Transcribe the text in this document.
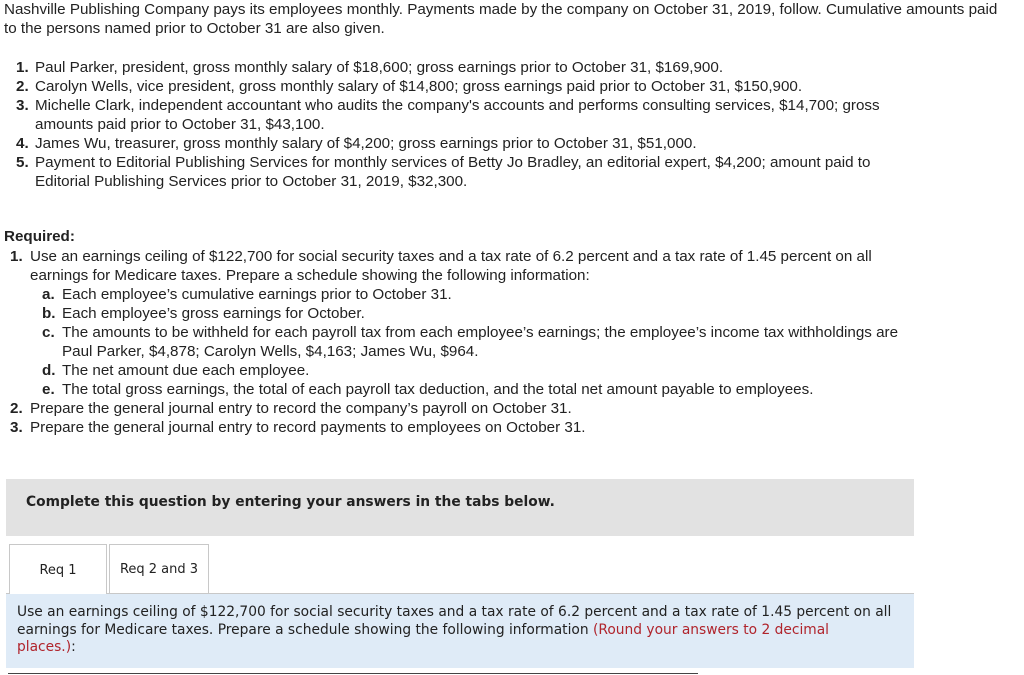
Nashville Publishing Company pays its employees monthly. Payments made by the company on October 31, 2019, follow. Cumulative amounts paid to the persons named prior to October 31 are also given.
1. Paul Parker, president, gross monthly salary of $18,600; gross earnings prior to October 31, $169,900.
2. Carolyn Wells, vice president, gross monthly salary of $14,800; gross earnings paid prior to October 31, $150,900.
3. Michelle Clark, independent accountant who audits the company's accounts and performs consulting services, $14,700; gross
amounts paid prior to October 31, $43,100.
4. James Wu, treasurer, gross monthly salary of $4,200; gross earnings prior to October 31, $51,000.
5. Payment to Editorial Publishing Services for monthly services of Betty Jo Bradley, an editorial expert, $4,200; amount paid to
Editorial Publishing Services prior to October 31, 2019, $32,300.
Required:
1. Use an earnings ceiling of $122,700 for social security taxes and a tax rate of 6.2 percent and a tax rate of 1.45 percent on all
earnings for Medicare taxes. Prepare a schedule showing the following information:
a. Each employee’s cumulative earnings prior to October 31.
b. Each employee’s gross earnings for October.
c. The amounts to be withheld for each payroll tax from each employee’s earnings; the employee’s income tax withholdings are
Paul Parker, $4,878; Carolyn Wells, $4,163; James Wu, $964.
d. The net amount due each employee.
e. The total gross earnings, the total of each payroll tax deduction, and the total net amount payable to employees.
2. Prepare the general journal entry to record the company’s payroll on October 31.
3. Prepare the general journal entry to record payments to employees on October 31.
Complete this question by entering your answers in the tabs below.
Req 1	Req 2 and 3
Use an earnings ceiling of $122,700 for social security taxes and a tax rate of 6.2 percent and a tax rate of 1.45 percent on all
earnings for Medicare taxes. Prepare a schedule showing the following information (Round your answers to 2 decimal
places.):
